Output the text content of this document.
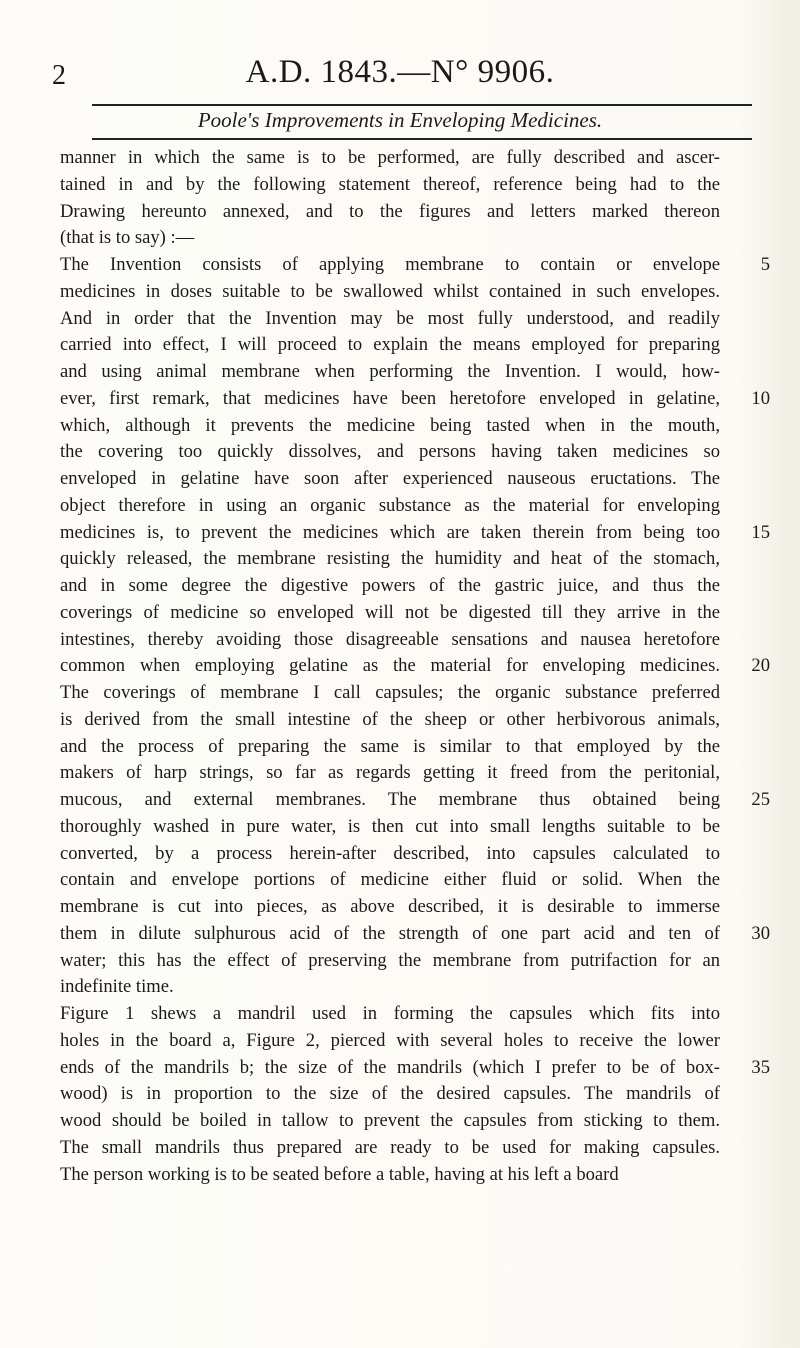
2	A.D. 1843.—N° 9906.
Poole's Improvements in Enveloping Medicines.
manner in which the same is to be performed, are fully described and ascer-
tained in and by the following statement thereof, reference being had to the
Drawing hereunto annexed, and to the figures and letters marked thereon
(that is to say) :—
The Invention consists of applying membrane to contain or envelope
medicines in doses suitable to be swallowed whilst contained in such envelopes.
And in order that the Invention may be most fully understood, and readily
carried into effect, I will proceed to explain the means employed for preparing
and using animal membrane when performing the Invention. I would, how-
ever, first remark, that medicines have been heretofore enveloped in gelatine,
which, although it prevents the medicine being tasted when in the mouth,
the covering too quickly dissolves, and persons having taken medicines so
enveloped in gelatine have soon after experienced nauseous eructations. The
object therefore in using an organic substance as the material for enveloping
medicines is, to prevent the medicines which are taken therein from being too
quickly released, the membrane resisting the humidity and heat of the stomach,
and in some degree the digestive powers of the gastric juice, and thus the
coverings of medicine so enveloped will not be digested till they arrive in the
intestines, thereby avoiding those disagreeable sensations and nausea heretofore
common when employing gelatine as the material for enveloping medicines.
The coverings of membrane I call capsules; the organic substance preferred
is derived from the small intestine of the sheep or other herbivorous animals,
and the process of preparing the same is similar to that employed by the
makers of harp strings, so far as regards getting it freed from the peritonial,
mucous, and external membranes. The membrane thus obtained being
thoroughly washed in pure water, is then cut into small lengths suitable to be
converted, by a process herein-after described, into capsules calculated to
contain and envelope portions of medicine either fluid or solid. When the
membrane is cut into pieces, as above described, it is desirable to immerse
them in dilute sulphurous acid of the strength of one part acid and ten of
water; this has the effect of preserving the membrane from putrifaction for an
indefinite time.
Figure 1 shews a mandril used in forming the capsules which fits into
holes in the board a, Figure 2, pierced with several holes to receive the lower
ends of the mandrils b; the size of the mandrils (which I prefer to be of box-
wood) is in proportion to the size of the desired capsules. The mandrils of
wood should be boiled in tallow to prevent the capsules from sticking to them.
The small mandrils thus prepared are ready to be used for making capsules.
The person working is to be seated before a table, having at his left a board
5
10
15
20
25
30
35
